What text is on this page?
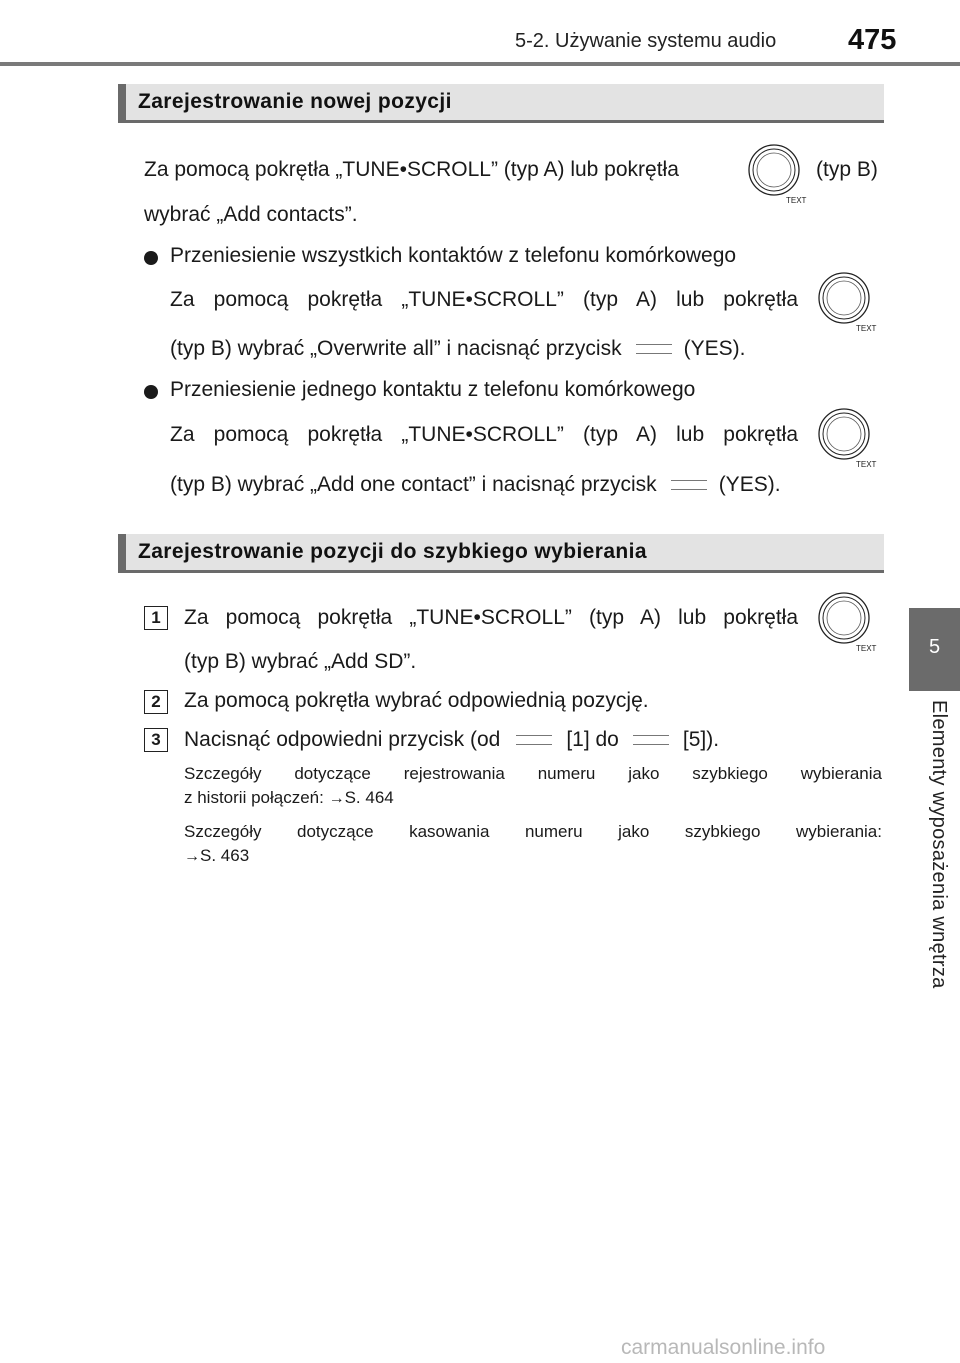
5-2. Używanie systemu audio 475
5
Elementy wyposażenia wnętrza
Zarejestrowanie nowej pozycji
Za pomocą pokrętła „TUNE•SCROLL” (typ A) lub pokrętła
TEXT
(typ B)
wybrać „Add contacts”.
Przeniesienie wszystkich kontaktów z telefonu komórkowego
Za pomocą pokrętła „TUNE•SCROLL” (typ A) lub pokrętła
TEXT
(typ B) wybrać „Overwrite all” i nacisnąć przycisk	(YES).
Przeniesienie jednego kontaktu z telefonu komórkowego
Za pomocą pokrętła „TUNE•SCROLL” (typ A) lub pokrętła
TEXT
(typ B) wybrać „Add one contact” i nacisnąć przycisk	(YES).
Zarejestrowanie pozycji do szybkiego wybierania
1	Za pomocą pokrętła „TUNE•SCROLL” (typ A) lub pokrętła
TEXT
(typ B) wybrać „Add SD”.
2	Za pomocą pokrętła wybrać odpowiednią pozycję.
3	Nacisnąć odpowiedni przycisk (od	[1] do	[5]).
Szczegóły dotyczące rejestrowania numeru jako szybkiego wybierania
z historii połączeń: →S. 464
Szczegóły dotyczące kasowania numeru jako szybkiego wybierania:
→S. 463
carmanualsonline.info
